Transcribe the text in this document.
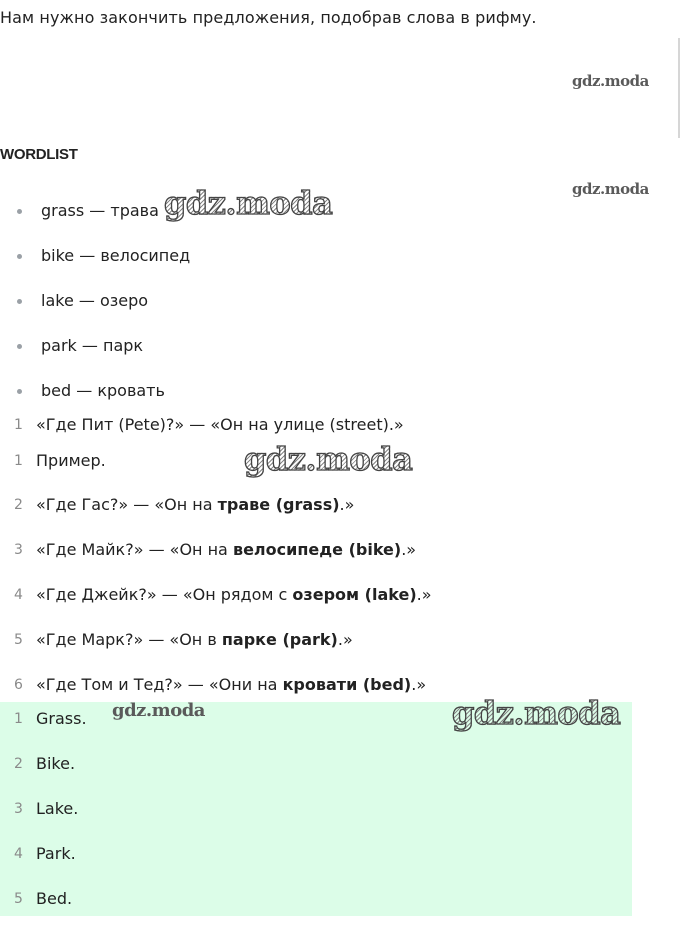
Нам нужно закончить предложения, подобрав слова в рифму.
gdz.moda
WORDLIST
gdz.moda
grass — трава
bike — велосипед
lake — озеро
park — парк
bed — кровать
gdz.moda
1 «Где Пит (Pete)?» — «Он на улице (street).»
1 Пример.	gdz.moda
2 «Где Гас?» — «Он на траве (grass).»
3 «Где Майк?» — «Он на велосипеде (bike).»
4 «Где Джейк?» — «Он рядом с озером (lake).»
5 «Где Марк?» — «Он в парке (park).»
6 «Где Том и Тед?» — «Они на кровати (bed).»
gdz.moda	gdz.moda
1 Grass.
2 Bike.
3 Lake.
4 Park.
5 Bed.
